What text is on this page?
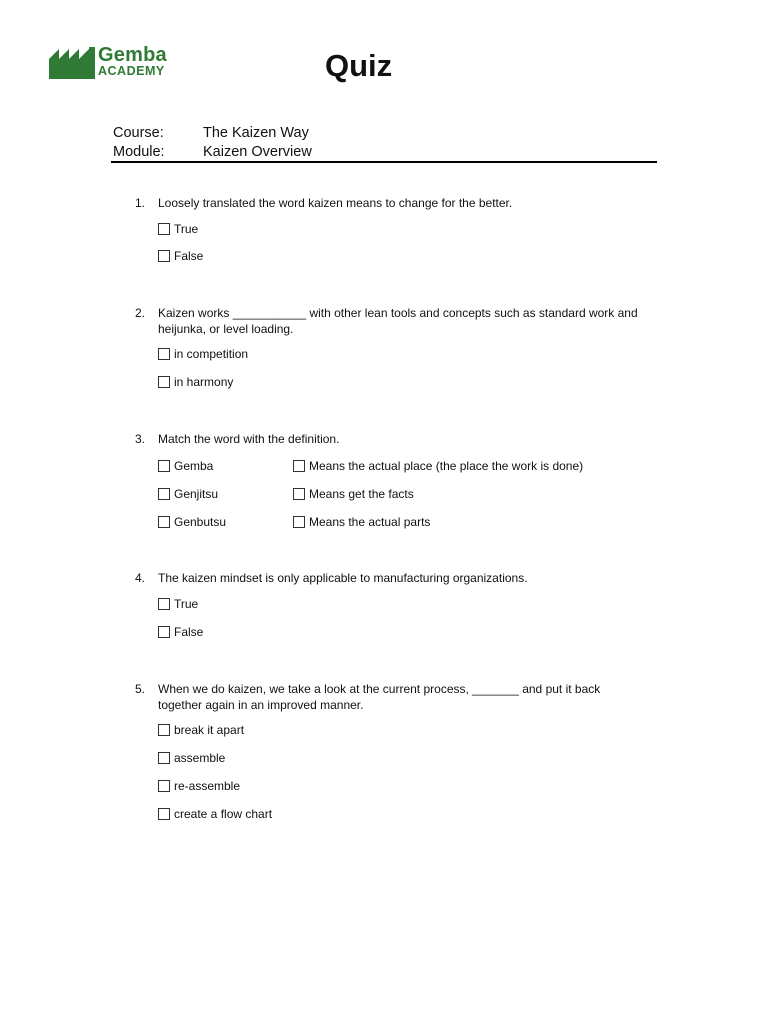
Gemba
ACADEMY	Quiz
Course:	The Kaizen Way
Module:	Kaizen Overview
1. Loosely translated the word kaizen means to change for the better.
True
False
2. Kaizen works ___________ with other lean tools and concepts such as standard work and heijunka, or level loading.
in competition
in harmony
3. Match the word with the definition.
Gemba	Means the actual place (the place the work is done)
Genjitsu	Means get the facts
Genbutsu	Means the actual parts
4. The kaizen mindset is only applicable to manufacturing organizations.
True
False
5. When we do kaizen, we take a look at the current process, _______ and put it back together again in an improved manner.
break it apart
assemble
re-assemble
create a flow chart
